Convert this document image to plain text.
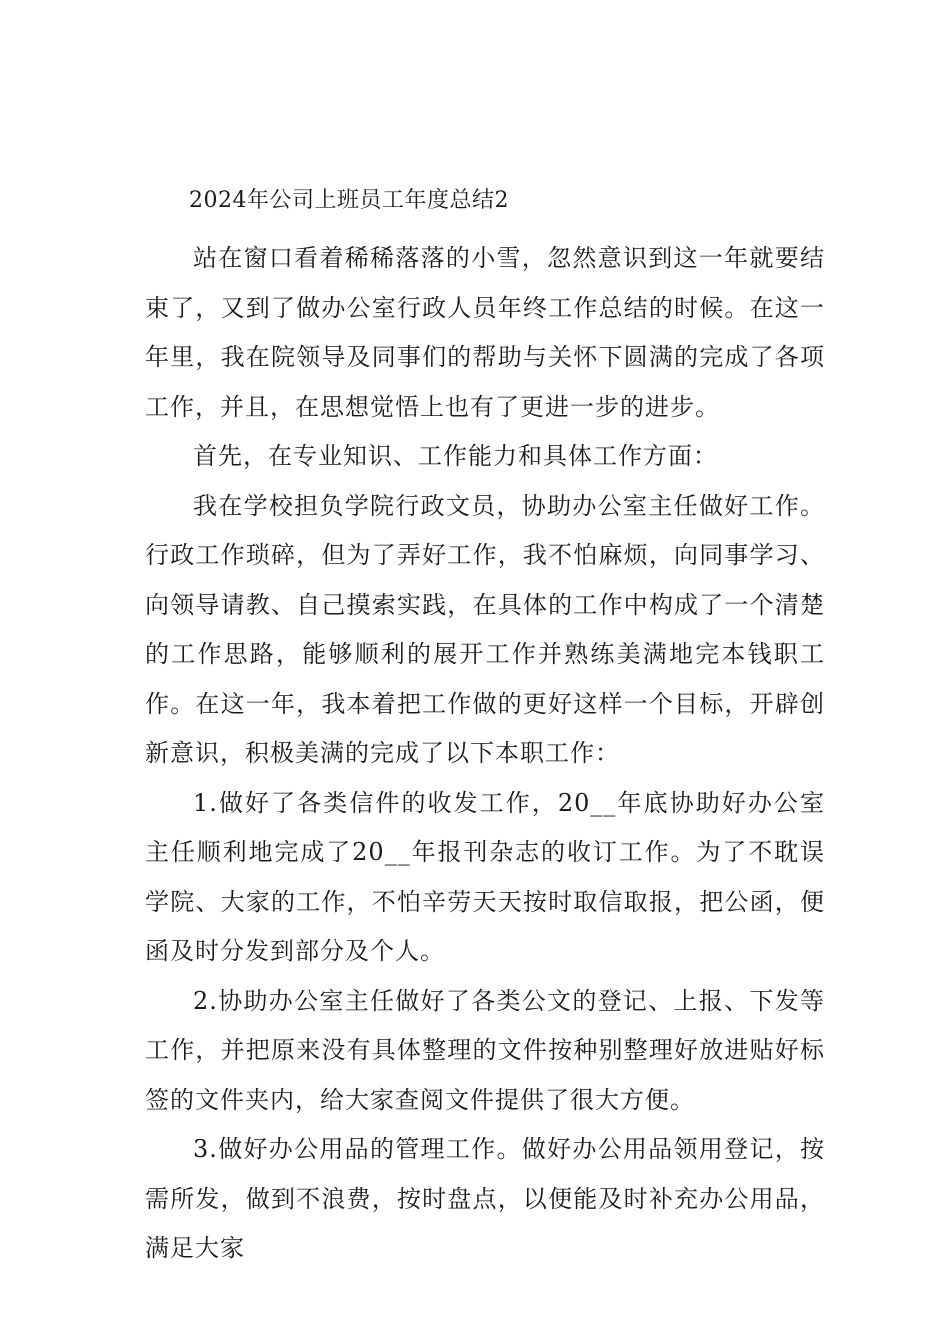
2024年公司上班员工年度总结2

站在窗口看着稀稀落落的小雪，忽然意识到这一年就要结束了，又到了做办公室行政人员年终工作总结的时候。在这一年里，我在院领导及同事们的帮助与关怀下圆满的完成了各项工作，并且，在思想觉悟上也有了更进一步的进步。

首先，在专业知识、工作能力和具体工作方面：

我在学校担负学院行政文员，协助办公室主任做好工作。行政工作琐碎，但为了弄好工作，我不怕麻烦，向同事学习、向领导请教、自己摸索实践，在具体的工作中构成了一个清楚的工作思路，能够顺利的展开工作并熟练美满地完本钱职工作。在这一年，我本着把工作做的更好这样一个目标，开辟创新意识，积极美满的完成了以下本职工作：

1.做好了各类信件的收发工作，20__年底协助好办公室主任顺利地完成了20__年报刊杂志的收订工作。为了不耽误学院、大家的工作，不怕辛劳天天按时取信取报，把公函，便函及时分发到部分及个人。

2.协助办公室主任做好了各类公文的登记、上报、下发等工作，并把原来没有具体整理的文件按种别整理好放进贴好标签的文件夹内，给大家查阅文件提供了很大方便。

3.做好办公用品的管理工作。做好办公用品领用登记，按需所发，做到不浪费，按时盘点，以便能及时补充办公用品，满足大家
